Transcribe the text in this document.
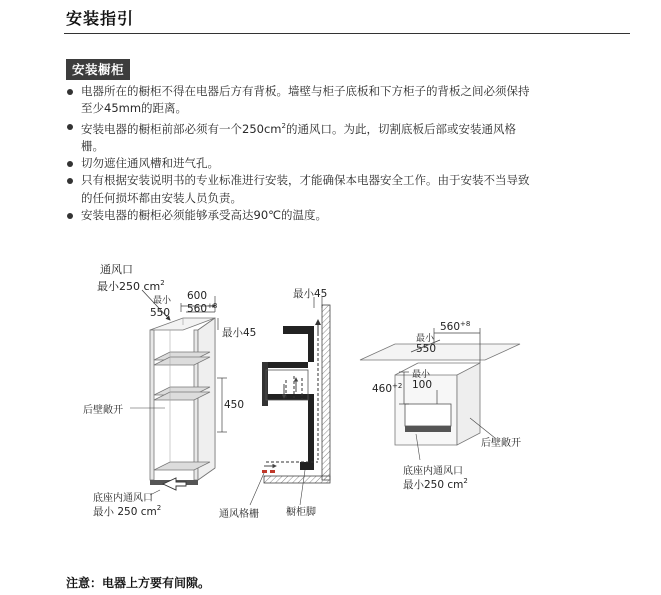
安装指引
安装橱柜
电器所在的橱柜不得在电器后方有背板。墙壁与柜子底板和下方柜子的背板之间必须保持至少45mm的距离。
安装电器的橱柜前部必须有一个$250cm^2$的通风口。为此，切割底板后部或安装通风格栅。
切勿遮住通风槽和进气孔。
只有根据安装说明书的专业标准进行安装，才能确保本电器安全工作。由于安装不当导致的任何损坏都由安装人员负责。
安装电器的橱柜必须能够承受高达90℃的温度。
通风口
最小250 $cm^2$
600
最小
550 $560^{+8}$
最小45
450
后壁敞开
底座内通风口
最小 250 $cm^2$
最小45
通风格栅	橱柜脚
$560^{+8}$
最小
550
$460^{+2}$
最小
100
后壁敞开
底座内通风口
最小250 $cm^2$
注意：电器上方要有间隙。
